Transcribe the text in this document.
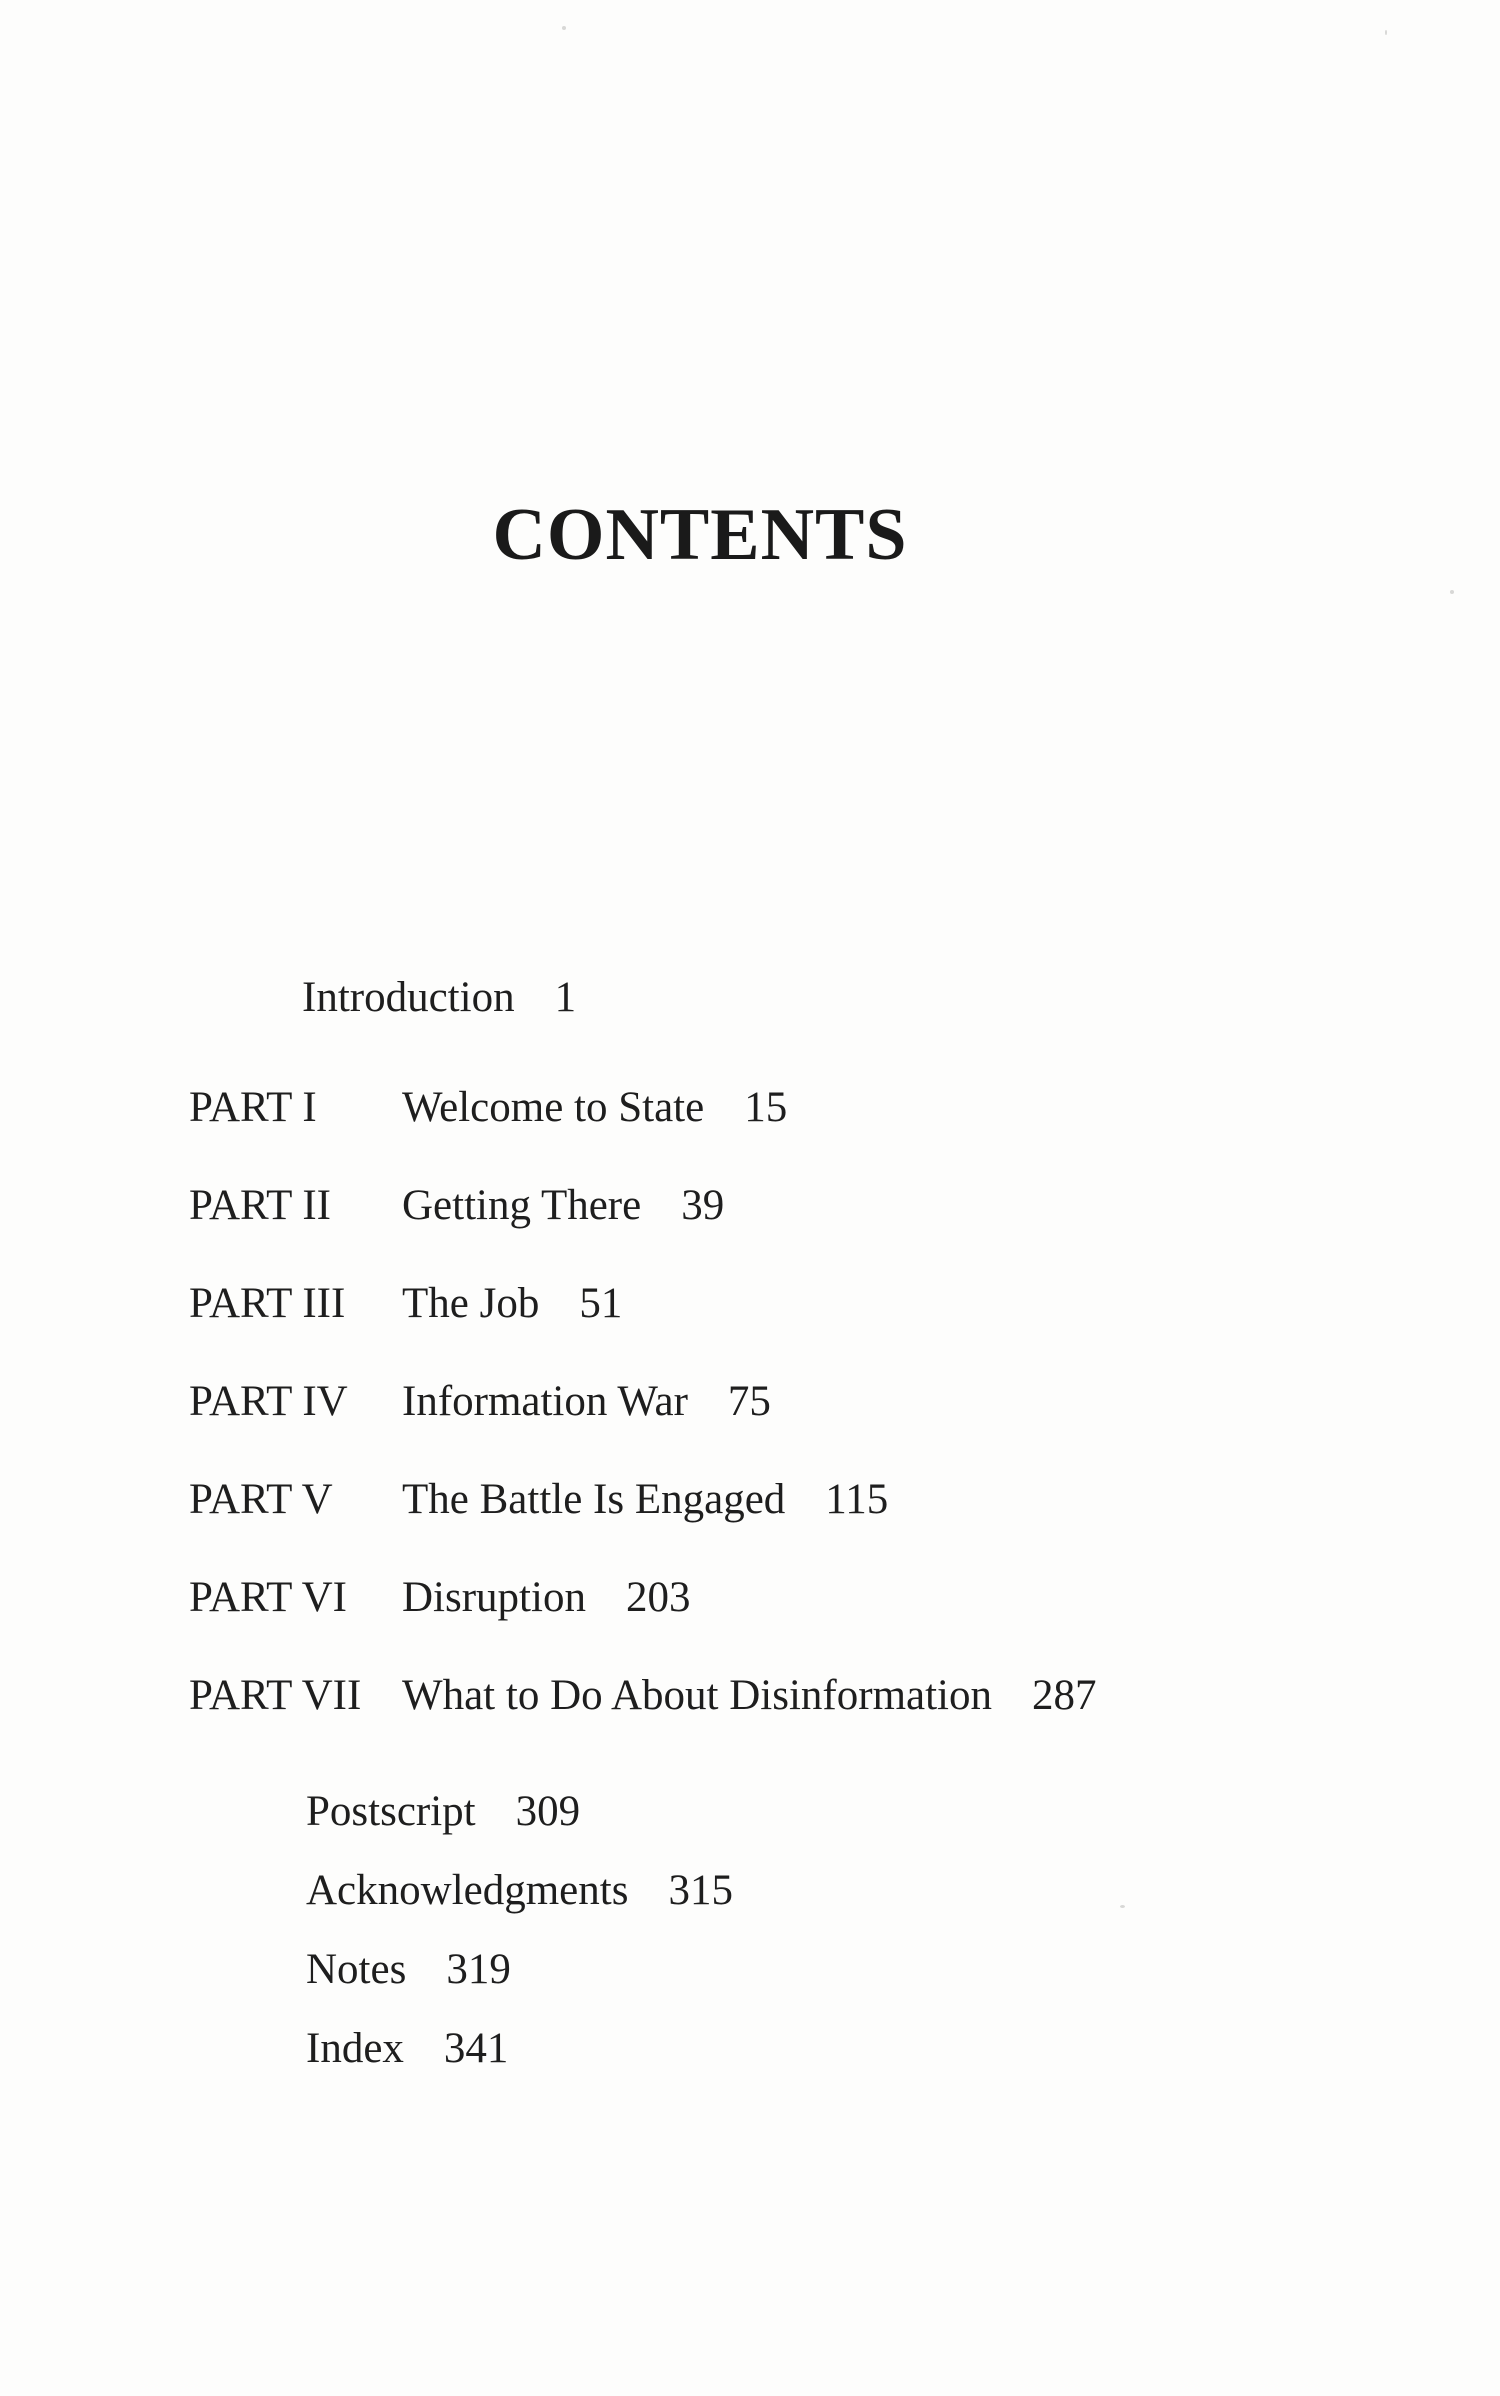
CONTENTS
Introduction 1
PART I Welcome to State 15
PART II Getting There 39
PART III The Job 51
PART IV Information War 75
PART V The Battle Is Engaged 115
PART VI Disruption 203
PART VII What to Do About Disinformation 287
Postscript 309
Acknowledgments 315
Notes 319
Index 341
